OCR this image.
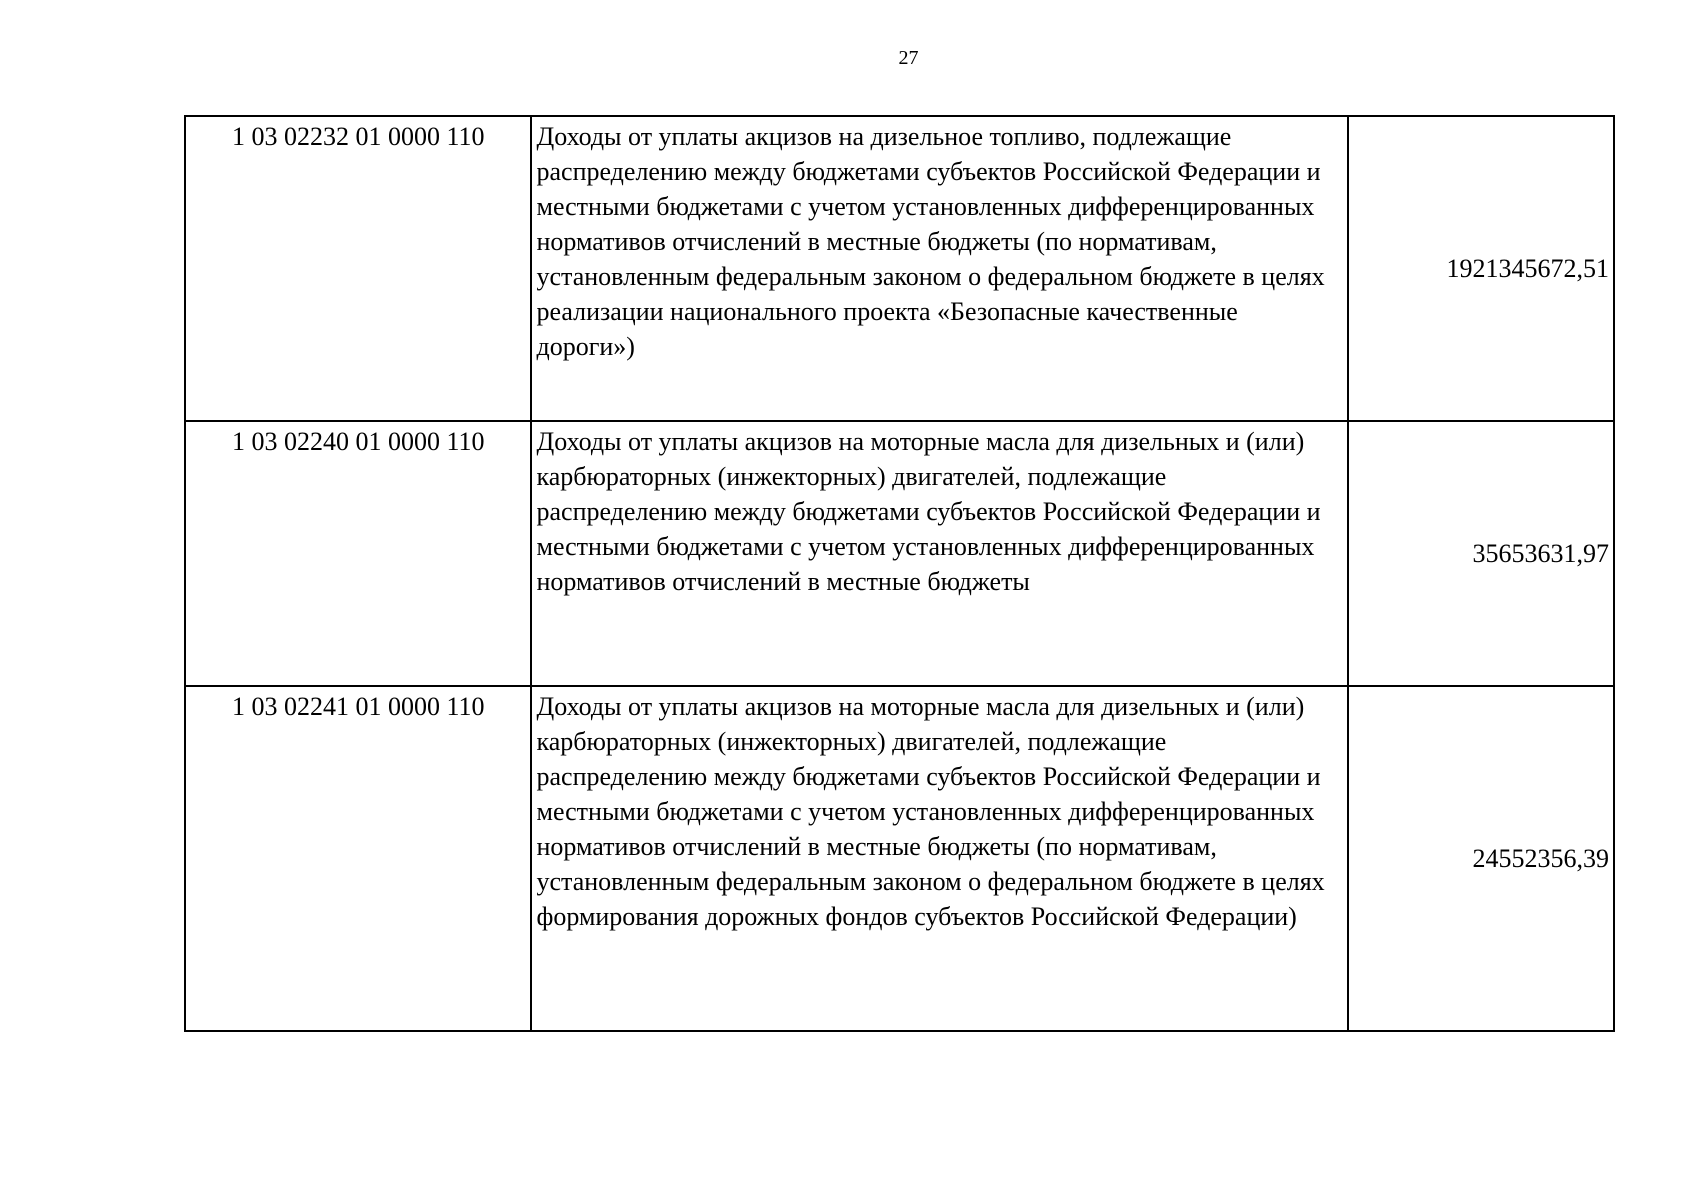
27
1 03 02232 01 0000 110	Доходы от уплаты акцизов на дизельное топливо, подлежащие распределению между бюджетами субъектов Российской Федерации и местными бюджетами с учетом установленных дифференцированных нормативов отчислений в местные бюджеты (по нормативам, установленным федеральным законом о федеральном бюджете в целях реализации национального проекта «Безопасные качественные дороги»)	1921345672,51
1 03 02240 01 0000 110	Доходы от уплаты акцизов на моторные масла для дизельных и (или) карбюраторных (инжекторных) двигателей, подлежащие распределению между бюджетами субъектов Российской Федерации и местными бюджетами с учетом установленных дифференцированных нормативов отчислений в местные бюджеты	35653631,97
1 03 02241 01 0000 110	Доходы от уплаты акцизов на моторные масла для дизельных и (или) карбюраторных (инжекторных) двигателей, подлежащие распределению между бюджетами субъектов Российской Федерации и местными бюджетами с учетом установленных дифференцированных нормативов отчислений в местные бюджеты (по нормативам, установленным федеральным законом о федеральном бюджете в целях формирования дорожных фондов субъектов Российской Федерации)	24552356,39
